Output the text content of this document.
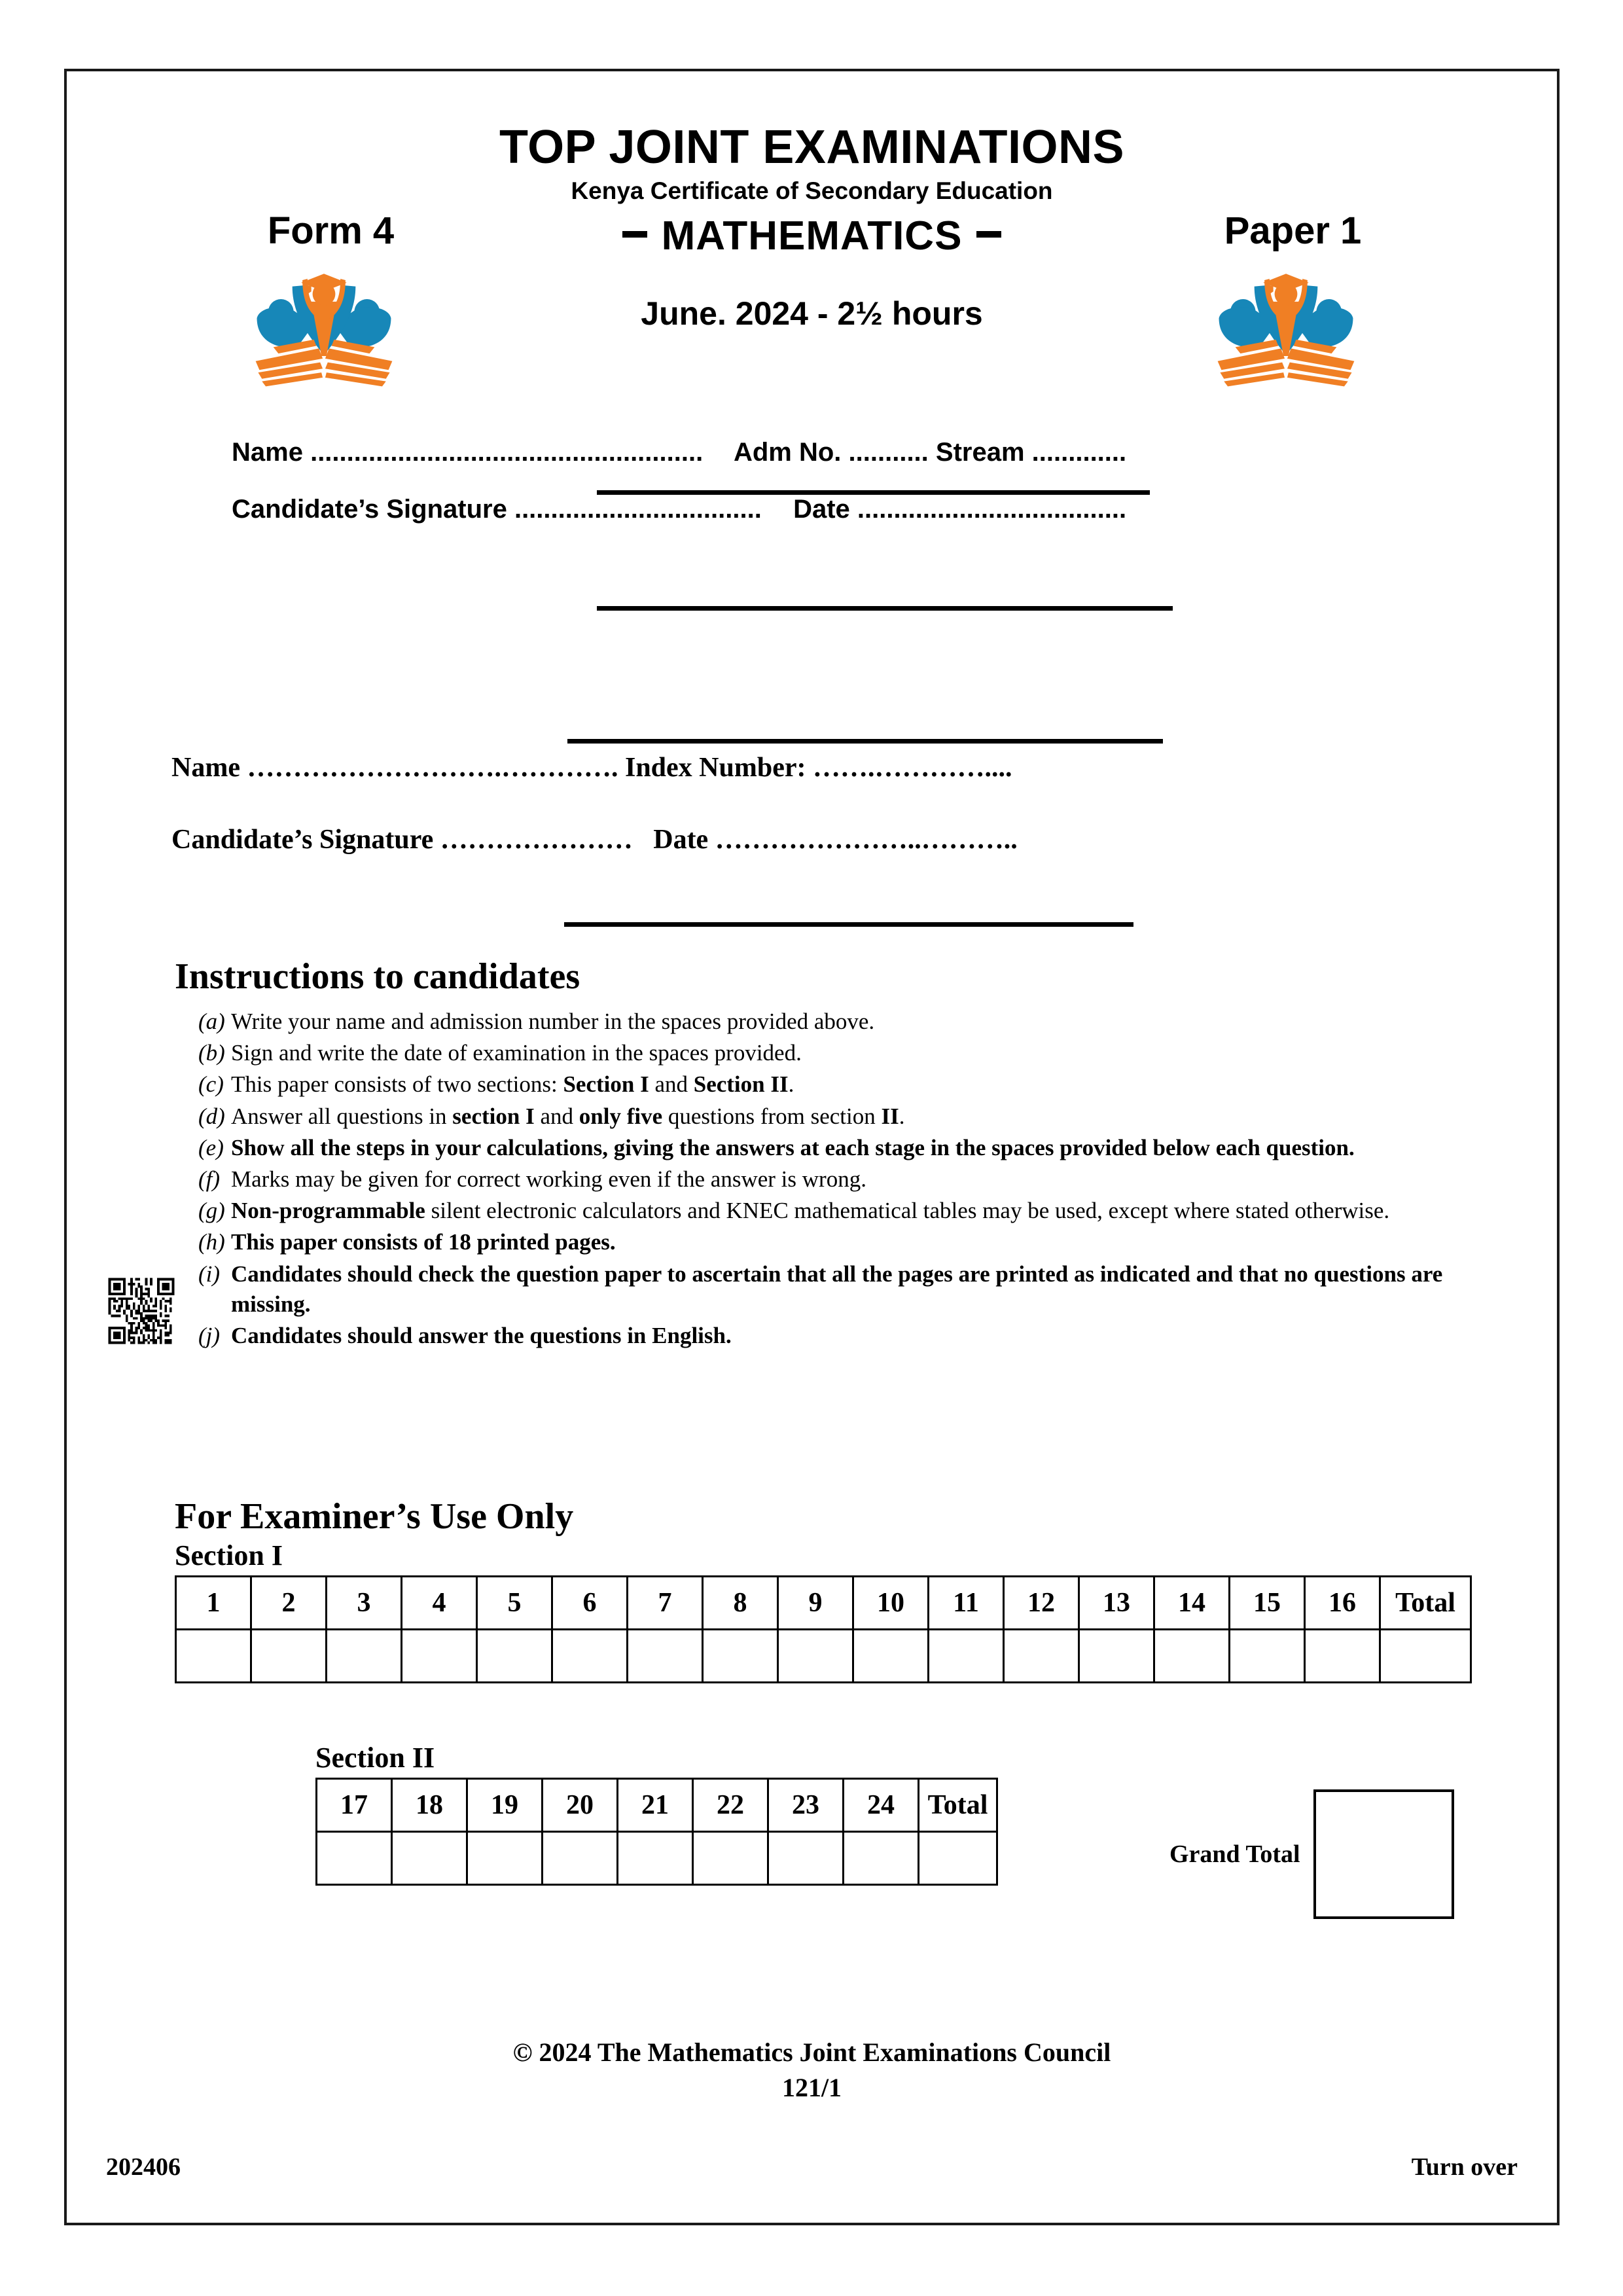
TOP JOINT EXAMINATIONS
Kenya Certificate of Secondary Education
Form 4	MATHEMATICS
June. 2024 - 2½ hours
Paper 1
Name ...................................................... Adm No. ........... Stream .............
Candidate’s Signature .................................. Date .....................................
Name ……………………….…………. Index Number: …….…………....
Candidate’s Signature ………………… Date …………………..………..
Instructions to candidates
(a) Write your name and admission number in the spaces provided above.
(b) Sign and write the date of examination in the spaces provided.
(c) This paper consists of two sections: Section I and Section II.
(d) Answer all questions in section I and only five questions from section II.
(e) Show all the steps in your calculations, giving the answers at each stage in the spaces provided below each question.
(f) Marks may be given for correct working even if the answer is wrong.
(g) Non-programmable silent electronic calculators and KNEC mathematical tables may be used, except where stated otherwise.
(h) This paper consists of 18 printed pages.
(i) Candidates should check the question paper to ascertain that all the pages are printed as indicated and that no questions are missing.
(j) Candidates should answer the questions in English.
For Examiner’s Use Only
Section I
1	2	3	4	5	6	7	8	9	10	11	12	13	14	15	16	Total

Section II
17	18	19	20	21	22	23	24	Total

Grand Total
© 2024 The Mathematics Joint Examinations Council
121/1
202406	Turn over
